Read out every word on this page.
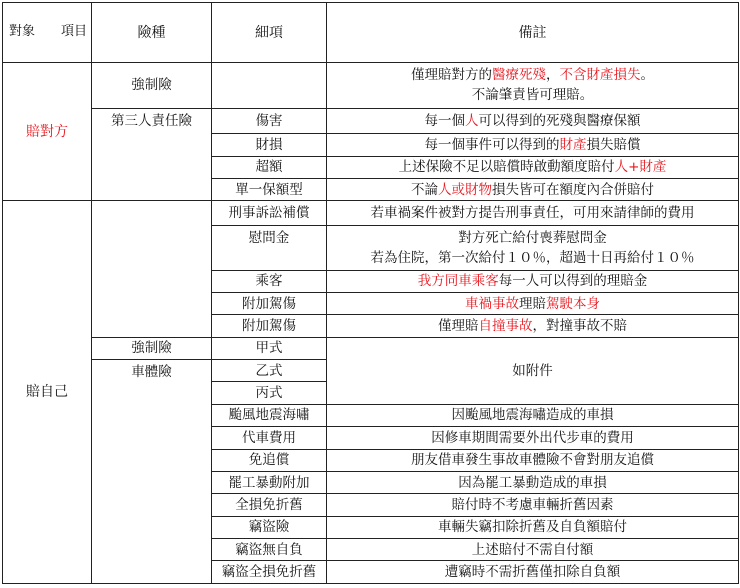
對象 項目	險種	細項	備註
賠對方	強制險		僅理賠對方的醫療死殘，不含財產損失。
不論肇責皆可理賠。

	第三人責任險	傷害	每一個人可以得到的死殘與醫療保額
		財損	每一個事件可以得到的財產損失賠償
		超額	上述保險不足以賠償時啟動額度賠付人+財產
		單一保額型	不論人或財物損失皆可在額度內合併賠付
賠自己		刑事訴訟補償	若車禍案件被對方提告刑事責任，可用來請律師的費用
		慰問金	對方死亡給付喪葬慰問金
若為住院，第一次給付１０％，超過十日再給付１０％

		乘客	我方同車乘客每一人可以得到的理賠金
		附加駕傷	車禍事故理賠駕駛本身
		附加駕傷	僅理賠自撞事故，對撞事故不賠
	強制險	甲式	如附件
	車體險	乙式	
		丙式	
		颱風地震海嘯	因颱風地震海嘯造成的車損
		代車費用	因修車期間需要外出代步車的費用
		免追償	朋友借車發生事故車體險不會對朋友追償
		罷工暴動附加	因為罷工暴動造成的車損
		全損免折舊	賠付時不考慮車輛折舊因素
		竊盜險	車輛失竊扣除折舊及自負額賠付
		竊盜無自負	上述賠付不需自付額
		竊盜全損免折舊	遭竊時不需折舊僅扣除自負額
